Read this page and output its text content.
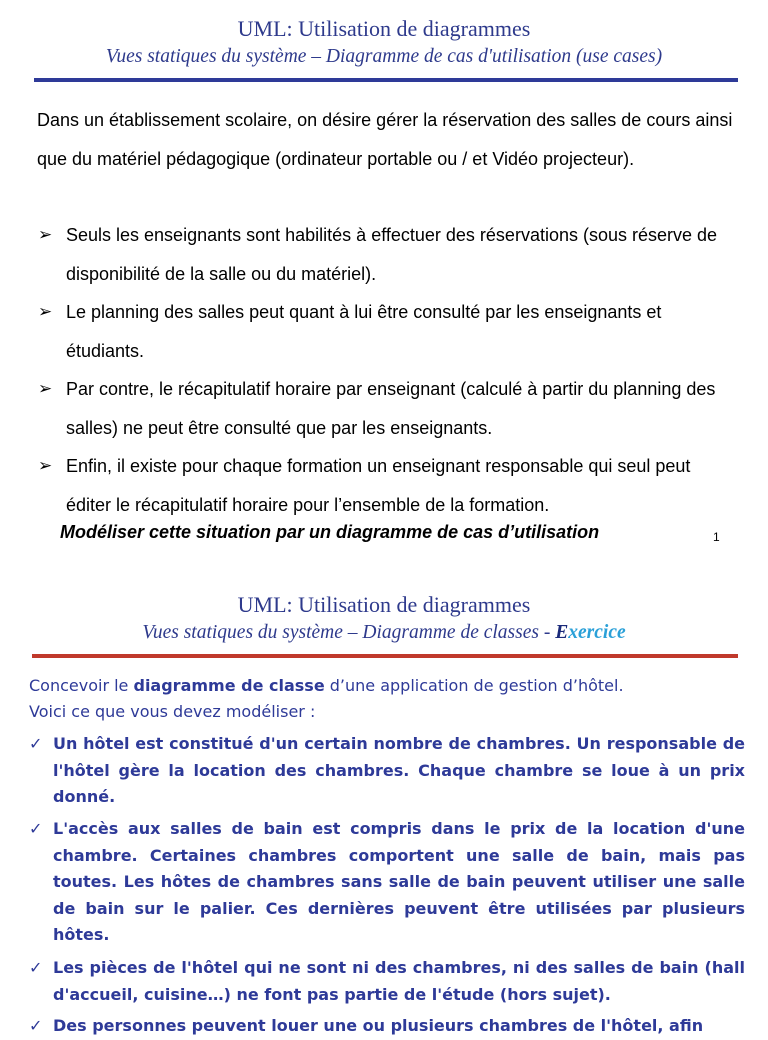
UML: Utilisation de diagrammes
Vues statiques du système – Diagramme de cas d'utilisation (use cases)
Dans un établissement scolaire, on désire gérer la réservation des salles de cours ainsi que du matériel pédagogique (ordinateur portable ou / et Vidéo projecteur).
➢ Seuls les enseignants sont habilités à effectuer des réservations (sous réserve de disponibilité de la salle ou du matériel).
➢ Le planning des salles peut quant à lui être consulté par les enseignants et étudiants.
➢ Par contre, le récapitulatif horaire par enseignant (calculé à partir du planning des salles) ne peut être consulté que par les enseignants.
➢ Enfin, il existe pour chaque formation un enseignant responsable qui seul peut éditer le récapitulatif horaire pour l’ensemble de la formation.
Modéliser cette situation par un diagramme de cas d’utilisation	1
UML: Utilisation de diagrammes
Vues statiques du système – Diagramme de classes - Exercice
Concevoir le diagramme de classe d’une application de gestion d’hôtel.
Voici ce que vous devez modéliser :
✓ Un hôtel est constitué d'un certain nombre de chambres. Un responsable de l'hôtel gère la location des chambres. Chaque chambre se loue à un prix donné.
✓ L'accès aux salles de bain est compris dans le prix de la location d'une chambre. Certaines chambres comportent une salle de bain, mais pas toutes. Les hôtes de chambres sans salle de bain peuvent utiliser une salle de bain sur le palier. Ces dernières peuvent être utilisées par plusieurs hôtes.
✓ Les pièces de l'hôtel qui ne sont ni des chambres, ni des salles de bain (hall d'accueil, cuisine…) ne font pas partie de l'étude (hors sujet).
✓ Des personnes peuvent louer une ou plusieurs chambres de l'hôtel, afin
